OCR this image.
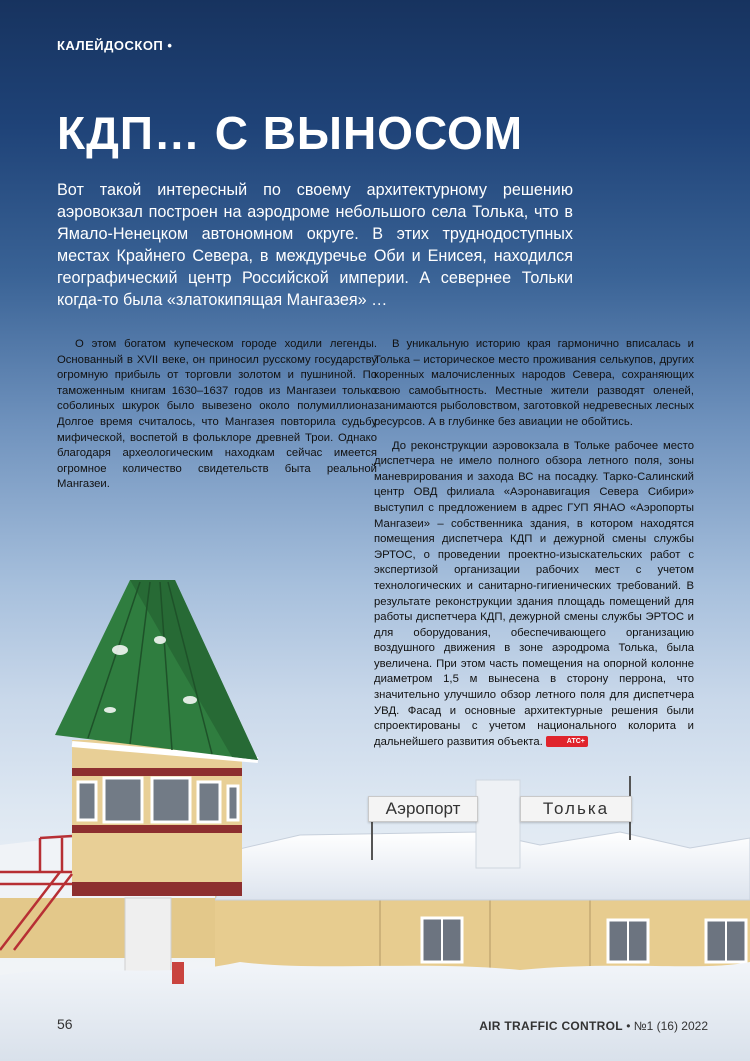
КАЛЕЙДОСКОП •
КДП… С ВЫНОСОМ

Вот такой интересный по своему архитектурному решению аэровокзал построен на аэродроме небольшого села Толька, что в Ямало-Ненецком автономном округе. В этих труднодоступных местах Крайнего Севера, в междуречье Оби и Енисея, находился географический центр Российской империи. А севернее Тольки когда-то была «златокипящая Мангазея» …

О этом богатом купеческом городе ходили легенды. Основанный в XVII веке, он приносил русскому государству огромную прибыль от торговли золотом и пушниной. По таможенным книгам 1630–1637 годов из Мангазеи только соболиных шкурок было вывезено около полумиллиона. Долгое время считалось, что Мангазея повторила судьбу мифической, воспетой в фольклоре древней Трои. Однако благодаря археологическим находкам сейчас имеется огромное количество свидетельств быта реальной Мангазеи.

В уникальную историю края гармонично вписалась и Толька – историческое место проживания селькупов, других коренных малочисленных народов Севера, сохраняющих свою самобытность. Местные жители разводят оленей, занимаются рыболовством, заготовкой недревесных лесных ресурсов. А в глубинке без авиации не обойтись.

До реконструкции аэровокзала в Тольке рабочее место диспетчера не имело полного обзора летного поля, зоны маневрирования и захода ВС на посадку. Тарко-Салинский центр ОВД филиала «Аэронавигация Севера Сибири» выступил с предложением в адрес ГУП ЯНАО «Аэропорты Мангазеи» – собственника здания, в котором находятся помещения диспетчера КДП и дежурной смены службы ЭРТОС, о проведении проектно-изыскательских работ с экспертизой организации рабочих мест с учетом технологических и санитарно-гигиенических требований. В результате реконструкции здания площадь помещений для работы диспетчера КДП, дежурной смены службы ЭРТОС и для оборудования, обеспечивающего организацию воздушного движения в зоне аэродрома Толька, была увеличена. При этом часть помещения на опорной колонне диаметром 1,5 м вынесена в сторону перрона, что значительно улучшило обзор летного поля для диспетчера УВД. Фасад и основные архитектурные решения были спроектированы с учетом национального колорита и дальнейшего развития объекта.	АТС+

Аэропорт	Толька
56	AIR TRAFFIC CONTROL • №1 (16) 2022
